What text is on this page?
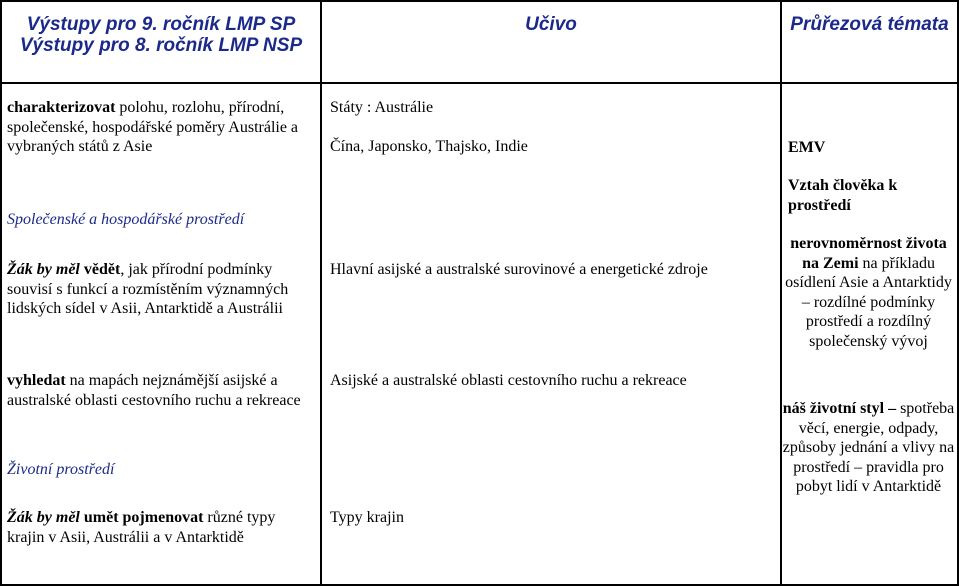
Výstupy pro 9. ročník LMP SP
Výstupy pro 8. ročník LMP NSP
Učivo	Průřezová témata
charakterizovat polohu, rozlohu, přírodní, společenské, hospodářské poměry Austrálie a vybraných států z Asie
Společenské a hospodářské prostředí
Žák by měl vědět, jak přírodní podmínky souvisí s funkcí a rozmístěním významných lidských sídel v Asii, Antarktidě a Austrálii
vyhledat na mapách nejznámější asijské a australské oblasti cestovního ruchu a rekreace
Životní prostředí
Žák by měl umět pojmenovat různé typy krajin v Asii, Austrálii a v Antarktidě
Státy : Austrálie
Čína, Japonsko, Thajsko, Indie
Hlavní asijské a australské surovinové a energetické zdroje
Asijské a australské oblasti cestovního ruchu a rekreace
Typy krajin
EMV
Vztah člověka k prostředí
nerovnoměrnost života na Zemi na příkladu osídlení Asie a Antarktidy – rozdílné podmínky prostředí a rozdílný společenský vývoj
náš životní styl – spotřeba věcí, energie, odpady, způsoby jednání a vlivy na prostředí – pravidla pro pobyt lidí v Antarktidě
